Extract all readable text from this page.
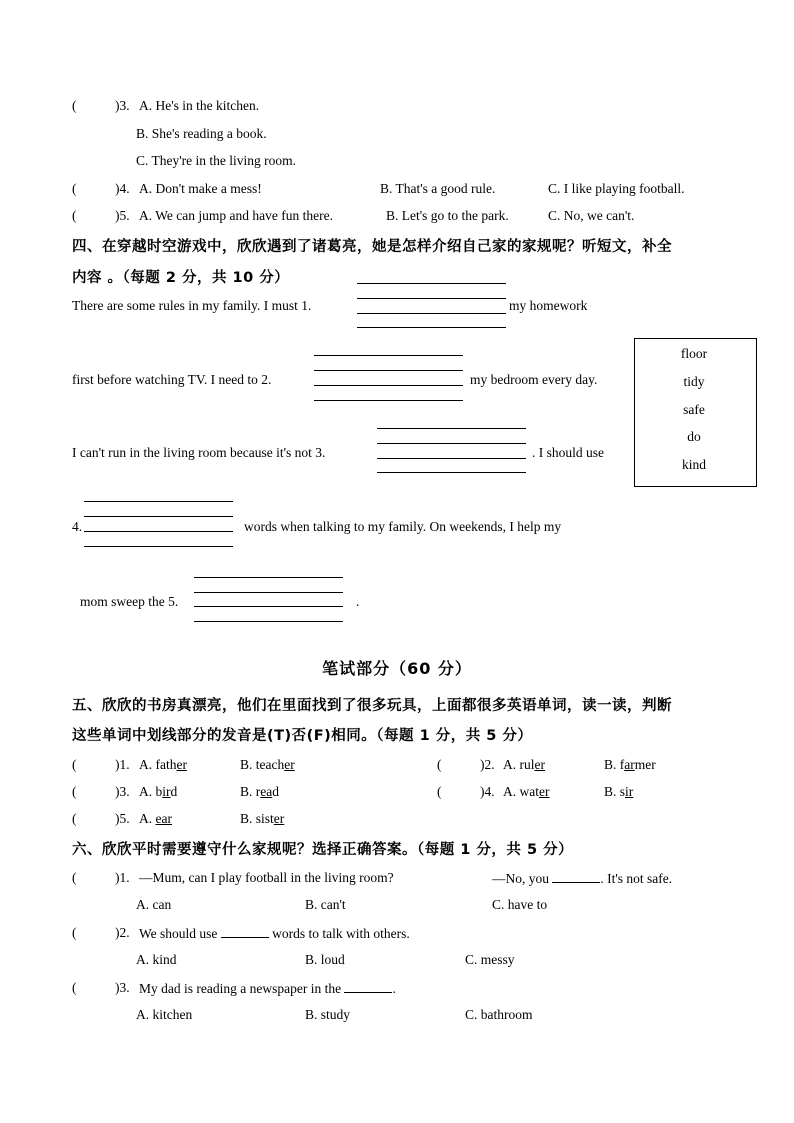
(	)3. A. He's in the kitchen.
B. She's reading a book.
C. They're in the living room.
(	)4. A. Don't make a mess!	B. That's a good rule.	C. I like playing football.
(	)5. A. We can jump and have fun there.	B. Let's go to the park.	C. No, we can't.
四、在穿越时空游戏中，欣欣遇到了诸葛亮，她是怎样介绍自己家的家规呢？听短文，补全
内容 。（每题 2 分，共 10 分）
There are some rules in my family. I must 1.	my homework
first before watching TV. I need to 2.	my bedroom every day.
I can't run in the living room because it's not 3.	. I should use
4.	words when talking to my family. On weekends, I help my
mom sweep the 5.	.
floor
tidy
safe
do
kind
笔试部分（60 分）
五、欣欣的书房真漂亮，他们在里面找到了很多玩具，上面都很多英语单词，读一读，判断
这些单词中划线部分的发音是(T)否(F)相同。（每题 1 分，共 5 分）
(	)1. A. father	B. teacher	(	)2. A. ruler	B. farmer
(	)3. A. bird	B. read	(	)4. A. water	B. sir
(	)5. A. ear	B. sister
六、欣欣平时需要遵守什么家规呢？选择正确答案。（每题 1 分，共 5 分）
(	)1. —Mum, can I play football in the living room?	—No, you	. It's not safe.
A. can	B. can't	C. have to
(	)2. We should use	words to talk with others.
A. kind	B. loud	C. messy
(	)3. My dad is reading a newspaper in the	.
A. kitchen	B. study	C. bathroom
